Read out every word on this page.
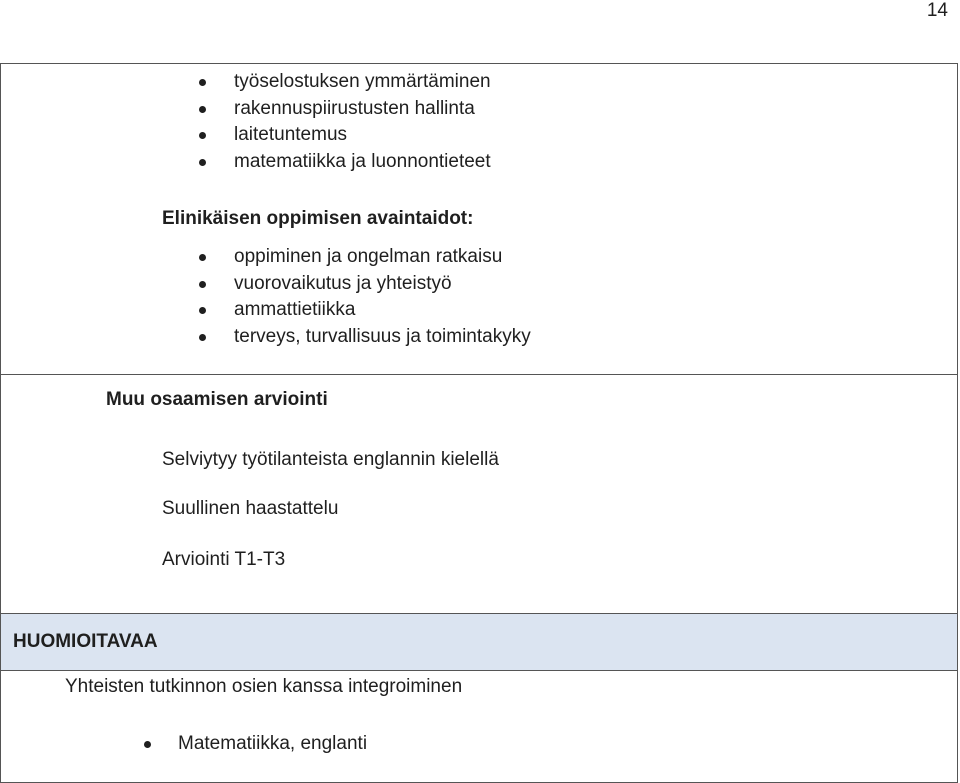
14
työselostuksen ymmärtäminen
rakennuspiirustusten hallinta
laitetuntemus
matematiikka ja luonnontieteet
Elinikäisen oppimisen avaintaidot:
oppiminen ja ongelman ratkaisu
vuorovaikutus ja yhteistyö
ammattietiikka
terveys, turvallisuus ja toimintakyky
Muu osaamisen arviointi
Selviytyy työtilanteista englannin kielellä
Suullinen haastattelu
Arviointi T1-T3
HUOMIOITAVAA
Yhteisten tutkinnon osien kanssa integroiminen
Matematiikka, englanti
